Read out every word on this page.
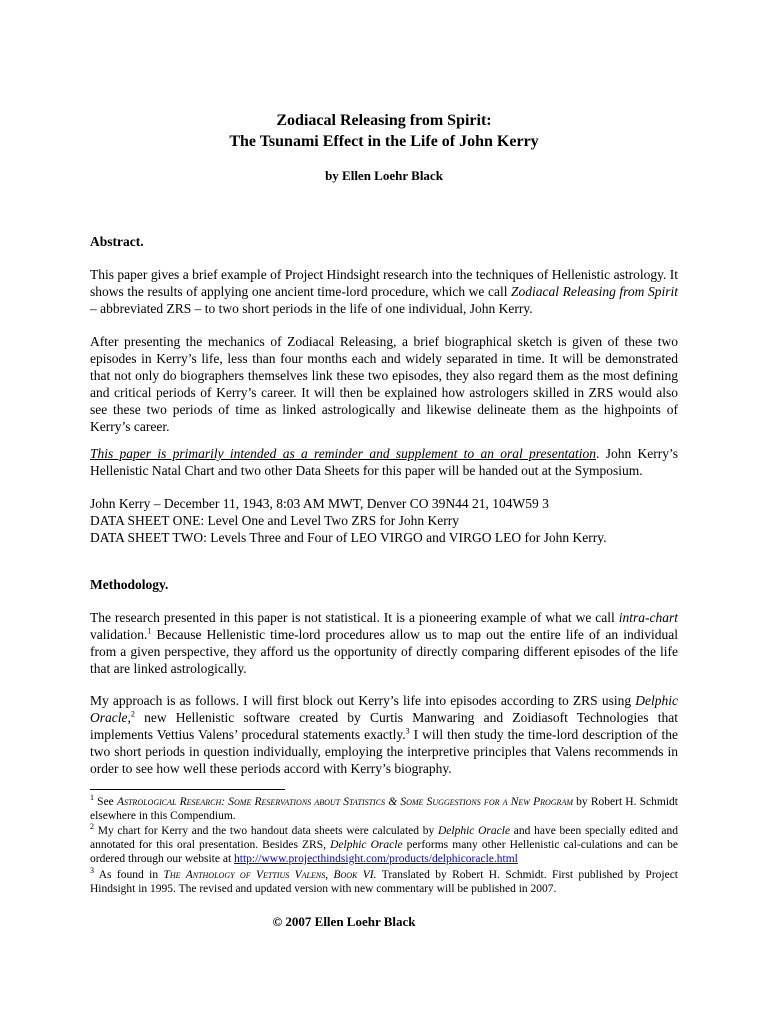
Zodiacal Releasing from Spirit:
The Tsunami Effect in the Life of John Kerry

by Ellen Loehr Black

Abstract.

This paper gives a brief example of Project Hindsight research into the techniques of Hellenistic astrology. It shows the results of applying one ancient time-lord procedure, which we call Zodiacal Releasing from Spirit – abbreviated ZRS – to two short periods in the life of one individual, John Kerry.

After presenting the mechanics of Zodiacal Releasing, a brief biographical sketch is given of these two episodes in Kerry’s life, less than four months each and widely separated in time. It will be demonstrated that not only do biographers themselves link these two episodes, they also regard them as the most defining and critical periods of Kerry’s career. It will then be explained how astrologers skilled in ZRS would also see these two periods of time as linked astrologically and likewise delineate them as the highpoints of Kerry’s career.

This paper is primarily intended as a reminder and supplement to an oral presentation. John Kerry’s Hellenistic Natal Chart and two other Data Sheets for this paper will be handed out at the Symposium.

John Kerry – December 11, 1943, 8:03 AM MWT, Denver CO 39N44 21, 104W59 3
DATA SHEET ONE: Level One and Level Two ZRS for John Kerry
DATA SHEET TWO: Levels Three and Four of LEO VIRGO and VIRGO LEO for John Kerry.

Methodology.

The research presented in this paper is not statistical. It is a pioneering example of what we call intra-chart validation.$^1$ Because Hellenistic time-lord procedures allow us to map out the entire life of an individual from a given perspective, they afford us the opportunity of directly comparing different episodes of the life that are linked astrologically.

My approach is as follows. I will first block out Kerry’s life into episodes according to ZRS using Delphic Oracle,$^2$ new Hellenistic software created by Curtis Manwaring and Zoidiasoft Technologies that implements Vettius Valens’ procedural statements exactly.$^3$ I will then study the time-lord description of the two short periods in question individually, employing the interpretive principles that Valens recommends in order to see how well these periods accord with Kerry’s biography.

$^1$ See Astrological Research: Some Reservations about Statistics & Some Suggestions for a New Program by Robert H. Schmidt elsewhere in this Compendium.

$^2$ My chart for Kerry and the two handout data sheets were calculated by Delphic Oracle and have been specially edited and annotated for this oral presentation. Besides ZRS, Delphic Oracle performs many other Hellenistic cal-culations and can be ordered through our website at http://www.projecthindsight.com/products/delphicoracle.html

$^3$ As found in The Anthology of Vettius Valens, Book VI. Translated by Robert H. Schmidt. First published by Project Hindsight in 1995. The revised and updated version with new commentary will be published in 2007.

© 2007 Ellen Loehr Black
